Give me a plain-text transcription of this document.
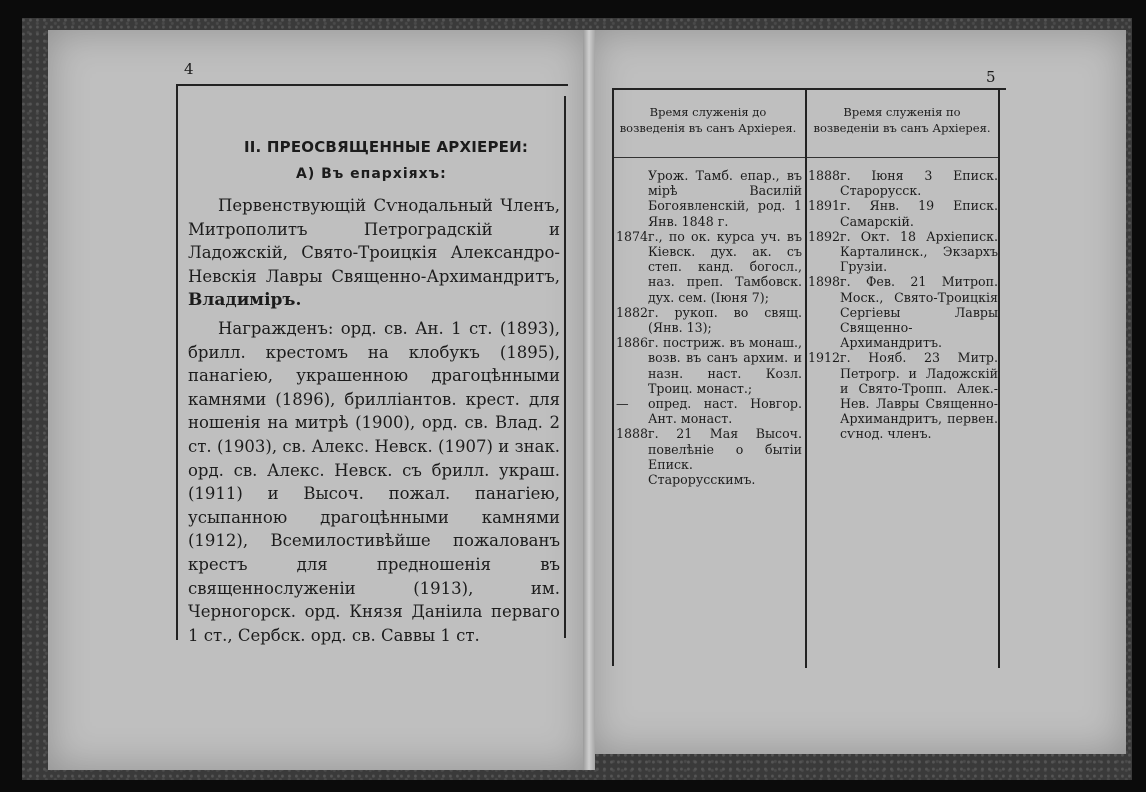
4
II. ПРЕОСВЯЩЕННЫЕ АРХІЕРЕИ:
А) Въ епархіяхъ:

Первенствующій Сѵнодальный Членъ, Митрополитъ Петроградскій и Ладожскій, Свято-Троицкія Александро-Невскія Лавры Священно-Архимандритъ, Владиміръ.

Награжденъ: орд. св. Ан. 1 ст. (1893), брилл. крестомъ на клобукъ (1895), панагiею, украшенною драгоцѣнными камнями (1896), бриллiантов. крест. для ношенія на митрѣ (1900), орд. св. Влад. 2 ст. (1903), св. Алекс. Невск. (1907) и знак. орд. св. Алекс. Невск. съ брилл. украш. (1911) и Высоч. пожал. панагiею, усыпанною драгоцѣнными камнями (1912), Всемилостивѣйше пожалованъ крестъ для предношенія въ священнослуженіи (1913), им. Черногорск. орд. Князя Даніила перваго 1 ст., Сербск. орд. св. Саввы 1 ст.

5
Время служенія до возведенія въ санъ Архіерея.
Время служенія по возведеніи въ санъ Архіерея.
Урож. Тамб. епар., въ мірѣ Василій Богоявленскій, род. 1 Янв. 1848 г.
1874 г., по ок. курса уч. въ Кiевск. дух. ак. съ степ. канд. богосл., наз. преп. Тамбовск. дух. сем. (Іюня 7);
1882 г. рукоп. во свящ. (Янв. 13);
1886 г. постриж. въ монаш., возв. въ санъ архим. и назн. наст. Козл. Троиц. монаст.;
—	опред. наст. Новгор. Ант. монаст.
1888 г. 21 Мая Высоч. повелѣніе о бытіи Еписк. Старорусскимъ.
1888 г. Іюня 3 Еписк. Старорусск.
1891 г. Янв. 19 Еписк. Самарскій.
1892 г. Окт. 18 Архіеписк. Карталинск., Экзархъ Грузіи.
1898 г. Фев. 21 Митроп. Моск., Свято-Троицкія Сергіевы Лавры Священно-Архимандритъ.
1912 г. Нояб. 23 Митр. Петрогр. и Ладожскій и Свято-Тропп. Алек.-Нев. Лавры Священно-Архимандритъ, первен. сѵнод. членъ.
